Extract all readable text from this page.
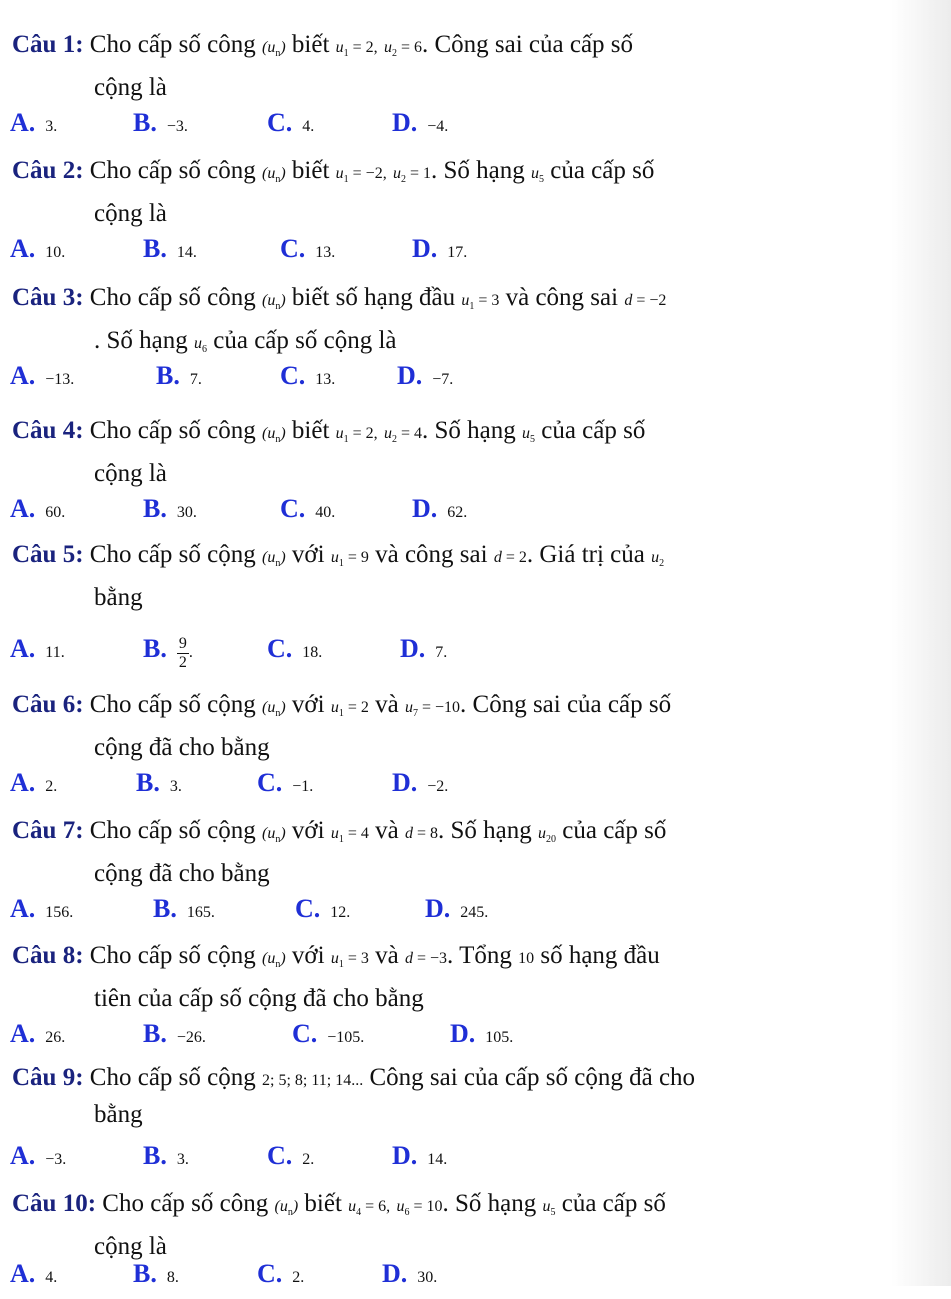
Câu 1: Cho cấp số công $(u_n)$ biết $u_1 = 2$, $u_2 = 6$. Công sai của cấp số
cộng là
A. 3.	B. −3.	C. 4.	D. −4.
Câu 2: Cho cấp số công $(u_n)$ biết $u_1 = -2$, $u_2 = 1$. Số hạng $u_5$ của cấp số
cộng là
A. 10.	B. 14.	C. 13.	D. 17.
Câu 3: Cho cấp số công $(u_n)$ biết số hạng đầu $u_1 = 3$ và công sai d = −2
. Số hạng $u_6$ của cấp số cộng là
A. −13.	B. 7.	C. 13. D. −7.
Câu 4: Cho cấp số công $(u_n)$ biết $u_1 = 2$, $u_2 = 4$. Số hạng $u_5$ của cấp số
cộng là
A. 60.	B. 30.	C. 40.	D. 62.
Câu 5: Cho cấp số cộng $(u_n)$ với $u_1 = 9$ và công sai d = 2. Giá trị của $u_2$
bằng
A. 11.	B. $\frac{9}{2}$ .	C. 18.	D. 7.
Câu 6: Cho cấp số cộng $(u_n)$ với $u_1 = 2$ và $u_7 = -10$. Công sai của cấp số
cộng đã cho bằng
A. 2.	B. 3.	C. −1.	D. −2.
Câu 7: Cho cấp số cộng $(u_n)$ với $u_1 = 4$ và d = 8. Số hạng $u_{20}$ của cấp số
cộng đã cho bằng
A. 156.	B. 165.	C. 12.	D. 245.
Câu 8: Cho cấp số cộng $(u_n)$ với $u_1 = 3$ và d = −3. Tổng 10 số hạng đầu
tiên của cấp số cộng đã cho bằng
A. 26.	B. −26.	C. −105.	D. 105.
Câu 9: Cho cấp số cộng 2; 5; 8; 11; 14... Công sai của cấp số cộng đã cho
bằng
A. −3.	B. 3.	C. 2.	D. 14.
Câu 10: Cho cấp số công $(u_n)$ biết $u_4 = 6$, $u_6 = 10$. Số hạng $u_5$ của cấp số
cộng là
A. 4.	B. 8.	C. 2.	D. 30.
